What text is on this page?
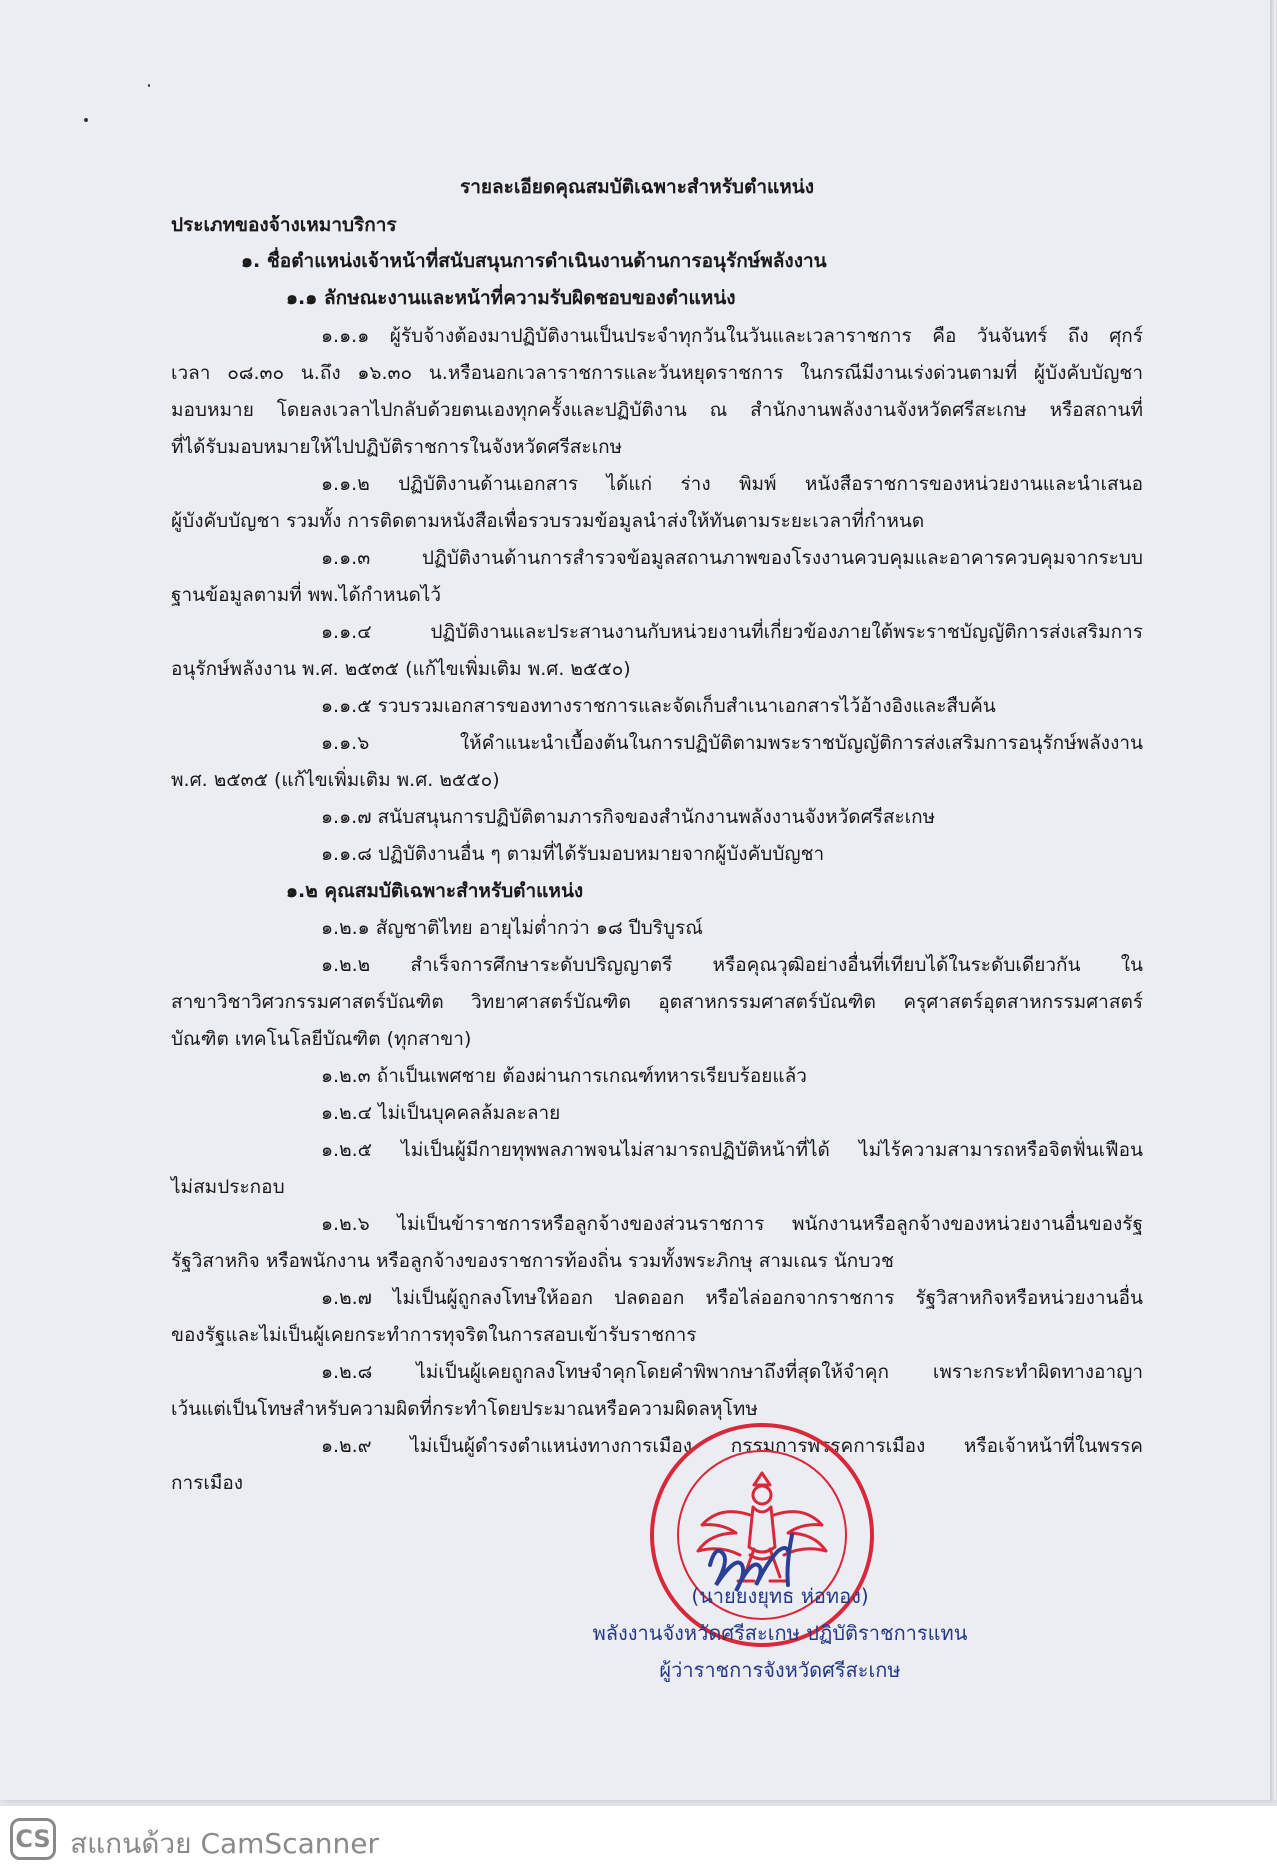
รายละเอียดคุณสมบัติเฉพาะสำหรับตำแหน่ง
ประเภทของจ้างเหมาบริการ
๑. ชื่อตำแหน่งเจ้าหน้าที่สนับสนุนการดำเนินงานด้านการอนุรักษ์พลังงาน
๑.๑ ลักษณะงานและหน้าที่ความรับผิดชอบของตำแหน่ง
๑.๑.๑ ผู้รับจ้างต้องมาปฏิบัติงานเป็นประจำทุกวันในวันและเวลาราชการ คือ วันจันทร์ ถึง ศุกร์
เวลา ๐๘.๓๐ น.ถึง ๑๖.๓๐ น.หรือนอกเวลาราชการและวันหยุดราชการ ในกรณีมีงานเร่งด่วนตามที่ ผู้บังคับบัญชา
มอบหมาย โดยลงเวลาไปกลับด้วยตนเองทุกครั้งและปฏิบัติงาน ณ สำนักงานพลังงานจังหวัดศรีสะเกษ หรือสถานที่
ที่ได้รับมอบหมายให้ไปปฏิบัติราชการในจังหวัดศรีสะเกษ
๑.๑.๒ ปฏิบัติงานด้านเอกสาร ได้แก่ ร่าง พิมพ์ หนังสือราชการของหน่วยงานและนำเสนอ
ผู้บังคับบัญชา รวมทั้ง การติดตามหนังสือเพื่อรวบรวมข้อมูลนำส่งให้ทันตามระยะเวลาที่กำหนด
๑.๑.๓ ปฏิบัติงานด้านการสำรวจข้อมูลสถานภาพของโรงงานควบคุมและอาคารควบคุมจากระบบ
ฐานข้อมูลตามที่ พพ.ได้กำหนดไว้
๑.๑.๔ ปฏิบัติงานและประสานงานกับหน่วยงานที่เกี่ยวข้องภายใต้พระราชบัญญัติการส่งเสริมการ
อนุรักษ์พลังงาน พ.ศ. ๒๕๓๕ (แก้ไขเพิ่มเติม พ.ศ. ๒๕๕๐)
๑.๑.๕ รวบรวมเอกสารของทางราชการและจัดเก็บสำเนาเอกสารไว้อ้างอิงและสืบค้น
๑.๑.๖ ให้คำแนะนำเบื้องต้นในการปฏิบัติตามพระราชบัญญัติการส่งเสริมการอนุรักษ์พลังงาน
พ.ศ. ๒๕๓๕ (แก้ไขเพิ่มเติม พ.ศ. ๒๕๕๐)
๑.๑.๗ สนับสนุนการปฏิบัติตามภารกิจของสำนักงานพลังงานจังหวัดศรีสะเกษ
๑.๑.๘ ปฏิบัติงานอื่น ๆ ตามที่ได้รับมอบหมายจากผู้บังคับบัญชา
๑.๒ คุณสมบัติเฉพาะสำหรับตำแหน่ง
๑.๒.๑ สัญชาติไทย อายุไม่ต่ำกว่า ๑๘ ปีบริบูรณ์
๑.๒.๒ สำเร็จการศึกษาระดับปริญญาตรี หรือคุณวุฒิอย่างอื่นที่เทียบได้ในระดับเดียวกัน ใน
สาขาวิชาวิศวกรรมศาสตร์บัณฑิต วิทยาศาสตร์บัณฑิต อุตสาหกรรมศาสตร์บัณฑิต ครุศาสตร์อุตสาหกรรมศาสตร์
บัณฑิต เทคโนโลยีบัณฑิต (ทุกสาขา)
๑.๒.๓ ถ้าเป็นเพศชาย ต้องผ่านการเกณฑ์ทหารเรียบร้อยแล้ว
๑.๒.๔ ไม่เป็นบุคคลล้มละลาย
๑.๒.๕ ไม่เป็นผู้มีกายทุพพลภาพจนไม่สามารถปฏิบัติหน้าที่ได้ ไม่ไร้ความสามารถหรือจิตฟั่นเฟือน
ไม่สมประกอบ
๑.๒.๖ ไม่เป็นข้าราชการหรือลูกจ้างของส่วนราชการ พนักงานหรือลูกจ้างของหน่วยงานอื่นของรัฐ
รัฐวิสาหกิจ หรือพนักงาน หรือลูกจ้างของราชการท้องถิ่น รวมทั้งพระภิกษุ สามเณร นักบวช
๑.๒.๗ ไม่เป็นผู้ถูกลงโทษให้ออก ปลดออก หรือไล่ออกจากราชการ รัฐวิสาหกิจหรือหน่วยงานอื่น
ของรัฐและไม่เป็นผู้เคยกระทำการทุจริตในการสอบเข้ารับราชการ
๑.๒.๘ ไม่เป็นผู้เคยถูกลงโทษจำคุกโดยคำพิพากษาถึงที่สุดให้จำคุก เพราะกระทำผิดทางอาญา
เว้นแต่เป็นโทษสำหรับความผิดที่กระทำโดยประมาณหรือความผิดลหุโทษ
๑.๒.๙ ไม่เป็นผู้ดำรงตำแหน่งทางการเมือง กรรมการพรรคการเมือง หรือเจ้าหน้าที่ในพรรค
การเมือง
(นายยงยุทธ ห่อทอง)
พลังงานจังหวัดศรีสะเกษ ปฏิบัติราชการแทน
ผู้ว่าราชการจังหวัดศรีสะเกษ
CS สแกนด้วย CamScanner
